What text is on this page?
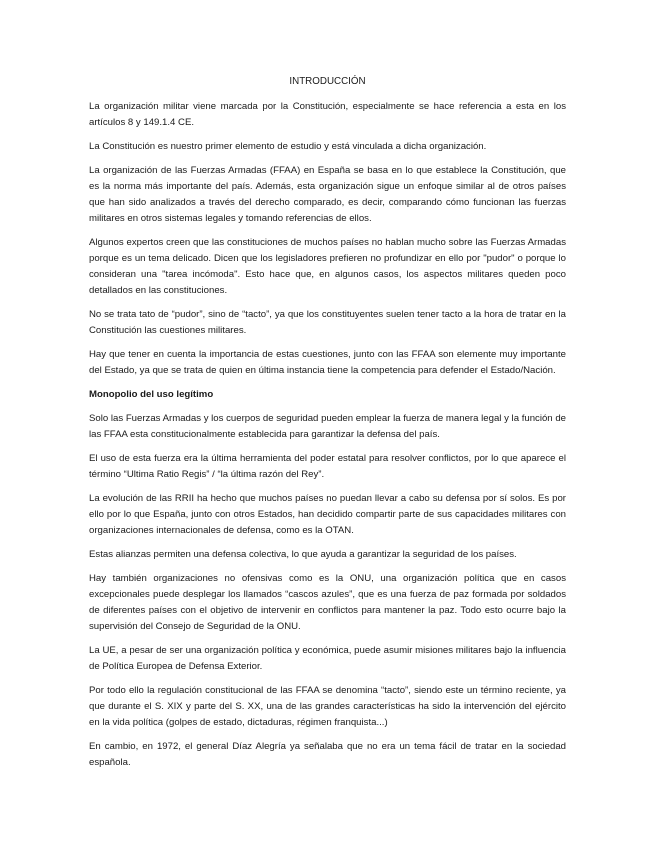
INTRODUCCIÓN

La organización militar viene marcada por la Constitución, especialmente se hace referencia a esta en los artículos 8 y 149.1.4 CE.

La Constitución es nuestro primer elemento de estudio y está vinculada a dicha organización.

La organización de las Fuerzas Armadas (FFAA) en España se basa en lo que establece la Constitución, que es la norma más importante del país. Además, esta organización sigue un enfoque similar al de otros países que han sido analizados a través del derecho comparado, es decir, comparando cómo funcionan las fuerzas militares en otros sistemas legales y tomando referencias de ellos.

Algunos expertos creen que las constituciones de muchos países no hablan mucho sobre las Fuerzas Armadas porque es un tema delicado. Dicen que los legisladores prefieren no profundizar en ello por "pudor" o porque lo consideran una "tarea incómoda". Esto hace que, en algunos casos, los aspectos militares queden poco detallados en las constituciones.

No se trata tato de “pudor”, sino de “tacto”, ya que los constituyentes suelen tener tacto a la hora de tratar en la Constitución las cuestiones militares.

Hay que tener en cuenta la importancia de estas cuestiones, junto con las FFAA son elemente muy importante del Estado, ya que se trata de quien en última instancia tiene la competencia para defender el Estado/Nación.

Monopolio del uso legítimo

Solo las Fuerzas Armadas y los cuerpos de seguridad pueden emplear la fuerza de manera legal y la función de las FFAA esta constitucionalmente establecida para garantizar la defensa del país.

El uso de esta fuerza era la última herramienta del poder estatal para resolver conflictos, por lo que aparece el término “Ultima Ratio Regis” / “la última razón del Rey”.

La evolución de las RRII ha hecho que muchos países no puedan llevar a cabo su defensa por sí solos. Es por ello por lo que España, junto con otros Estados, han decidido compartir parte de sus capacidades militares con organizaciones internacionales de defensa, como es la OTAN.

Estas alianzas permiten una defensa colectiva, lo que ayuda a garantizar la seguridad de los países.

Hay también organizaciones no ofensivas como es la ONU, una organización política que en casos excepcionales puede desplegar los llamados “cascos azules”, que es una fuerza de paz formada por soldados de diferentes países con el objetivo de intervenir en conflictos para mantener la paz. Todo esto ocurre bajo la supervisión del Consejo de Seguridad de la ONU.

La UE, a pesar de ser una organización política y económica, puede asumir misiones militares bajo la influencia de Política Europea de Defensa Exterior.

Por todo ello la regulación constitucional de las FFAA se denomina “tacto”, siendo este un término reciente, ya que durante el S. XIX y parte del S. XX, una de las grandes características ha sido la intervención del ejército en la vida política (golpes de estado, dictaduras, régimen franquista...)

En cambio, en 1972, el general Díaz Alegría ya señalaba que no era un tema fácil de tratar en la sociedad española.
